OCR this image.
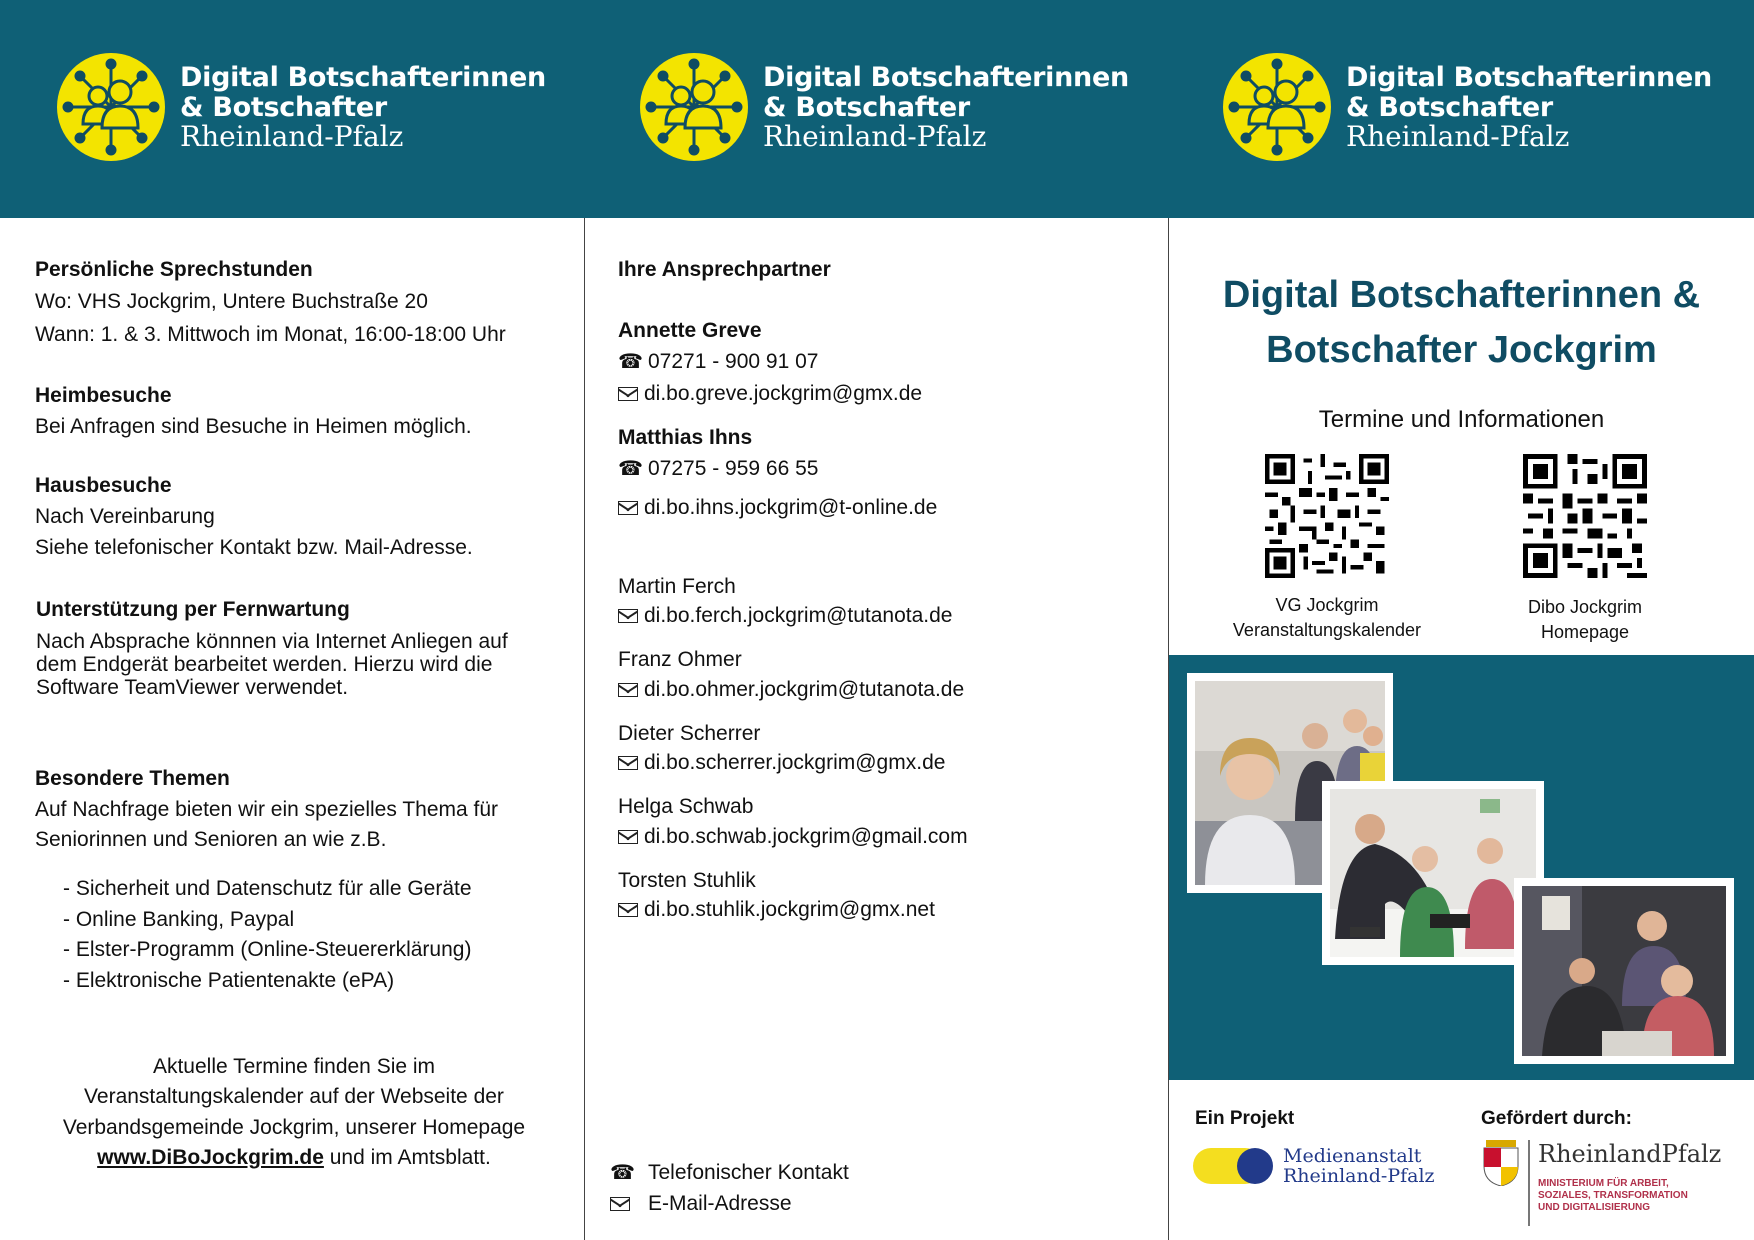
Digital Botschafterinnen
& Botschafter
Rheinland-Pfalz
Digital Botschafterinnen
& Botschafter
Rheinland-Pfalz
Digital Botschafterinnen
& Botschafter
Rheinland-Pfalz
Persönliche Sprechstunden
Wo: VHS Jockgrim, Untere Buchstraße 20
Wann: 1. & 3. Mittwoch im Monat, 16:00-18:00 Uhr
Heimbesuche
Bei Anfragen sind Besuche in Heimen möglich.
Hausbesuche
Nach Vereinbarung
Siehe telefonischer Kontakt bzw. Mail-Adresse.
Unterstützung per Fernwartung
Nach Absprache könnnen via Internet Anliegen auf
dem Endgerät bearbeitet werden. Hierzu wird die
Software TeamViewer verwendet.
Besondere Themen
Auf Nachfrage bieten wir ein spezielles Thema für
Seniorinnen und Senioren an wie z.B.
- Sicherheit und Datenschutz für alle Geräte
- Online Banking, Paypal
- Elster-Programm (Online-Steuererklärung)
- Elektronische Patientenakte (ePA)
Aktuelle Termine finden Sie im
Veranstaltungskalender auf der Webseite der
Verbandsgemeinde Jockgrim, unserer Homepage
www.DiBoJockgrim.de und im Amtsblatt.
Ihre Ansprechpartner
Annette Greve
☎ 07271 - 900 91 07
di.bo.greve.jockgrim@gmx.de
Matthias Ihns
☎ 07275 - 959 66 55
di.bo.ihns.jockgrim@t-online.de
Martin Ferch
di.bo.ferch.jockgrim@tutanota.de
Franz Ohmer
di.bo.ohmer.jockgrim@tutanota.de
Dieter Scherrer
di.bo.scherrer.jockgrim@gmx.de
Helga Schwab
di.bo.schwab.jockgrim@gmail.com
Torsten Stuhlik
di.bo.stuhlik.jockgrim@gmx.net
☎ Telefonischer Kontakt
E-Mail-Adresse
Digital Botschafterinnen &
Botschafter Jockgrim
Termine und Informationen
VG Jockgrim
Veranstaltungskalender
Dibo Jockgrim
Homepage
Ein Projekt	Gefördert durch:
Medienanstalt
Rheinland-Pfalz
RheinlandPfalz
MINISTERIUM FÜR ARBEIT,
SOZIALES, TRANSFORMATION
UND DIGITALISIERUNG
